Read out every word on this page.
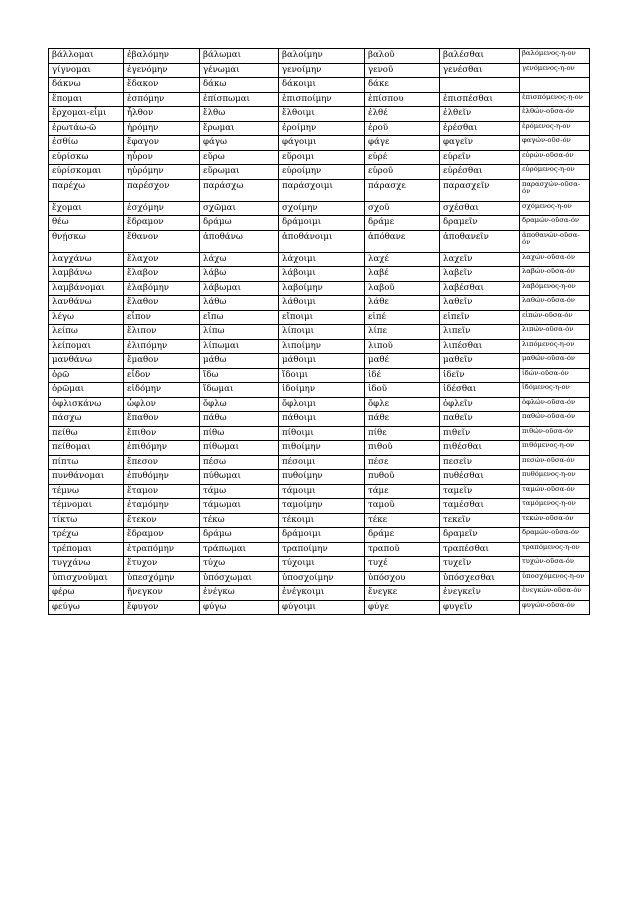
βάλλομαι	ἐβαλόμην	βάλωμαι	βαλοίμην	βαλοῦ	βαλέσθαι	βαλόμενος-η-ον
γίγνομαι	ἐγενόμην	γένωμαι	γενοίμην	γενοῦ	γενέσθαι	γενόμενος-η-ον
δάκνω	ἔδακον	δάκω	δάκοιμι	δάκε		
ἕπομαι	ἑσπόμην	ἑπίσπωμαι	ἑπισποίμην	ἑπίσπου	ἑπισπέσθαι	ἑπισπόμενος-η-ον
ἔρχομαι-εἶμι	ἦλθον	ἔλθω	ἔλθοιμι	ἐλθέ	ἐλθεῖν	ἐλθών-οῦσα-όν
ἐρωτάω-ῶ	ἠρόμην	ἔρωμαι	ἐροίμην	ἐροῦ	ἐρέσθαι	ἐρόμενος-η-ον
ἐσθίω	ἔφαγον	φάγω	φάγοιμι	φάγε	φαγεῖν	φαγών-οῦσ-όν
εὑρίσκω	ηὗρον	εὕρω	εὕροιμι	εὑρέ	εὑρεῖν	εὑρών-οῦσα-όν
εὑρίσκομαι	ηὑρόμην	εὕρωμαι	εὑροίμην	εὑροῦ	εὑρέσθαι	εὑρόμενος-η-ον
παρέχω	παρέσχον	παράσχω	παράσχοιμι	πάρασχε	παρασχεῖν	παρασχών-οῦσα-όν
ἔχομαι	ἐσχόμην	σχῶμαι	σχοίμην	σχοῦ	σχέσθαι	σχόμενος-η-ον
θέω	ἔδραμον	δράμω	δράμοιμι	δράμε	δραμεῖν	δραμών-οῦσα-όν
θνῄσκω	ἔθανον	ἀποθάνω	ἀποθάνοιμι	ἀπόθανε	ἀποθανεῖν	ἀποθανών-οῦσα-όν
λαγχάνω	ἔλαχον	λάχω	λάχοιμι	λαχέ	λαχεῖν	λαχών-οῦσα-όν
λαμβάνω	ἔλαβον	λάβω	λάβοιμι	λαβέ	λαβεῖν	λαβών-οῦσα-όν
λαμβάνομαι	ἐλαβόμην	λάβωμαι	λαβοίμην	λαβοῦ	λαβέσθαι	λαβόμενος-η-ον
λανθάνω	ἔλαθον	λάθω	λάθοιμι	λάθε	λαθεῖν	λαθών-οῦσα-όν
λέγω	εἶπον	εἴπω	εἴποιμι	εἰπέ	εἰπεῖν	εἰπών-οῦσα-όν
λείπω	ἔλιπον	λίπω	λίποιμι	λίπε	λιπεῖν	λιπών-οῦσα-όν
λείπομαι	ἐλιπόμην	λίπωμαι	λιποίμην	λιποῦ	λιπέσθαι	λιπόμενος-η-ον
μανθάνω	ἔμαθον	μάθω	μάθοιμι	μαθέ	μαθεῖν	μαθών-οῦσα-όν
ὁρῶ	εἶδον	ἴδω	ἴδοιμι	ἰδέ	ἰδεῖν	ἰδών-οῦσα-όν
ὁρῶμαι	εἰδόμην	ἴδωμαι	ἰδοίμην	ἰδοῦ	ἰδέσθαι	ἰδόμενος-η-ον
ὀφλισκάνω	ὦφλον	ὄφλω	ὄφλοιμι	ὄφλε	ὀφλεῖν	ὀφλών-οῦσα-όν
πάσχω	ἔπαθον	πάθω	πάθοιμι	πάθε	παθεῖν	παθών-οῦσα-όν
πείθω	ἔπιθον	πίθω	πίθοιμι	πίθε	πιθεῖν	πιθών-οῦσα-όν
πείθομαι	ἐπιθόμην	πίθωμαι	πιθοίμην	πιθοῦ	πιθέσθαι	πιθόμενος-η-ον
πίπτω	ἔπεσον	πέσω	πέσοιμι	πέσε	πεσεῖν	πεσών-οῦσα-όν
πυνθάνομαι	ἐπυθόμην	πύθωμαι	πυθοίμην	πυθοῦ	πυθέσθαι	πυθόμενος-η-ον
τέμνω	ἔταμον	τάμω	τάμοιμι	τάμε	ταμεῖν	ταμών-οῦσα-όν
τέμνομαι	ἐταμόμην	τάμωμαι	ταμοίμην	ταμοῦ	ταμέσθαι	ταμόμενος-η-ον
τίκτω	ἔτεκον	τέκω	τέκοιμι	τέκε	τεκεῖν	τεκών-οῦσα-όν
τρέχω	ἔδραμον	δράμω	δράμοιμι	δράμε	δραμεῖν	δραμών-οῦσα-όν
τρέπομαι	ἐτραπόμην	τράπωμαι	τραποίμην	τραποῦ	τραπέσθαι	τραπόμενος-η-ον
τυγχάνω	ἔτυχον	τύχω	τύχοιμι	τυχέ	τυχεῖν	τυχών-οῦσα-όν
ὑπισχνοῦμαι	ὑπεσχόμην	ὑπόσχωμαι	ὑποσχοίμην	ὑπόσχου	ὑπόσχεσθαι	ὑποσχόμενος-η-ον
φέρω	ἤνεγκον	ἐνέγκω	ἐνέγκοιμι	ἔνεγκε	ἐνεγκεῖν	ἐνεγκών-οῦσα-όν
φεύγω	ἔφυγον	φύγω	φύγοιμι	φύγε	φυγεῖν	φυγών-οῦσα-όν
